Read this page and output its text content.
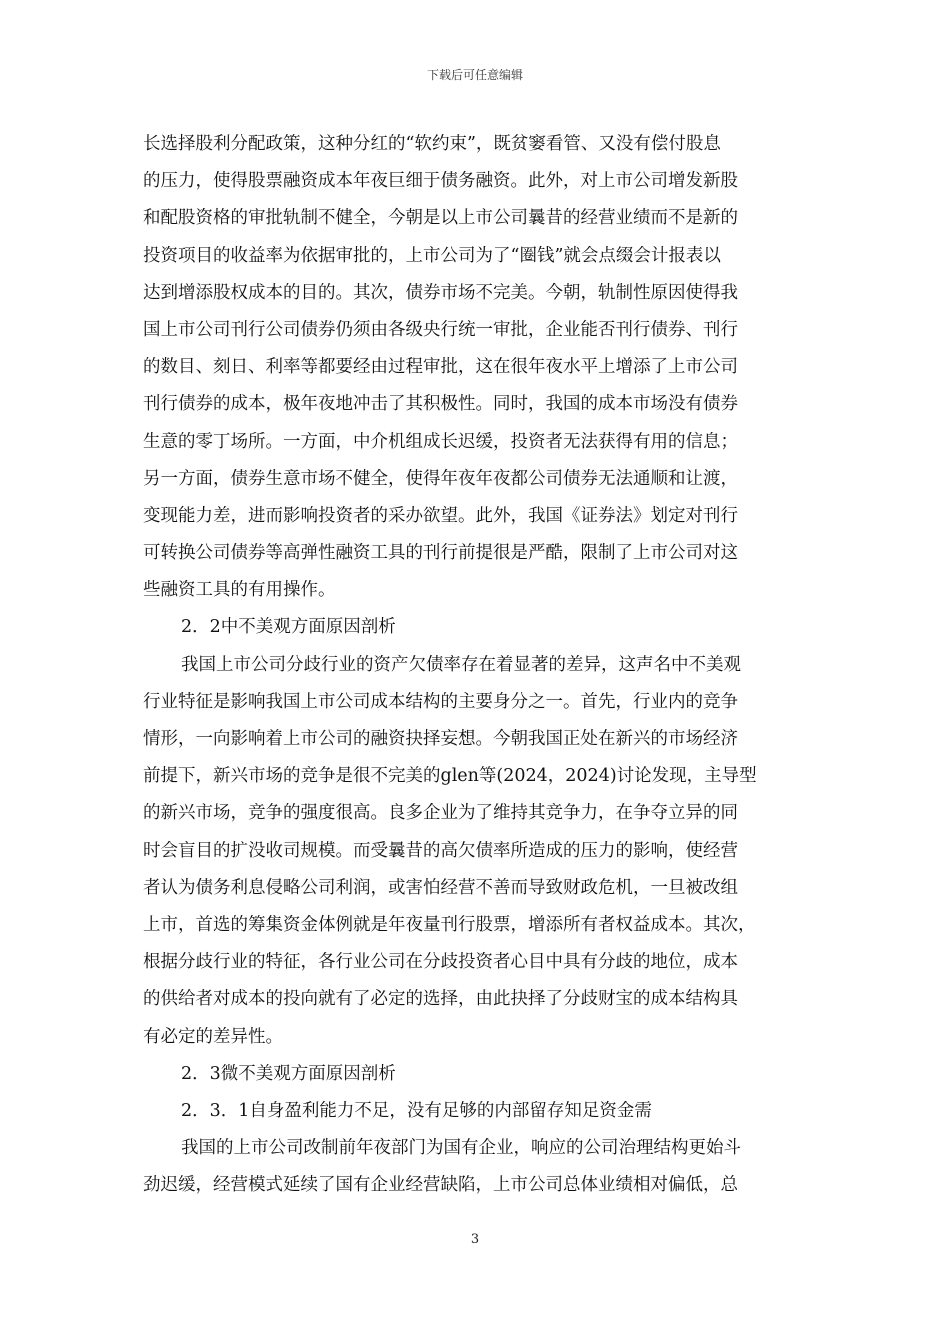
下载后可任意编辑
长选择股利分配政策，这种分红的“软约束”，既贫窭看管、又没有偿付股息
的压力，使得股票融资成本年夜巨细于债务融资。此外，对上市公司增发新股
和配股资格的审批轨制不健全，今朝是以上市公司曩昔的经营业绩而不是新的
投资项目的收益率为依据审批的，上市公司为了“圈钱”就会点缀会计报表以
达到增添股权成本的目的。其次，债券市场不完美。今朝，轨制性原因使得我
国上市公司刊行公司债券仍须由各级央行统一审批，企业能否刊行债券、刊行
的数目、刻日、利率等都要经由过程审批，这在很年夜水平上增添了上市公司
刊行债券的成本，极年夜地冲击了其积极性。同时，我国的成本市场没有债券
生意的零丁场所。一方面，中介机组成长迟缓，投资者无法获得有用的信息；
另一方面，债券生意市场不健全，使得年夜年夜都公司债券无法通顺和让渡，
变现能力差，进而影响投资者的采办欲望。此外，我国《证券法》划定对刊行
可转换公司债券等高弹性融资工具的刊行前提很是严酷，限制了上市公司对这
些融资工具的有用操作。
2．2中不美观方面原因剖析
我国上市公司分歧行业的资产欠债率存在着显著的差异，这声名中不美观
行业特征是影响我国上市公司成本结构的主要身分之一。首先，行业内的竞争
情形，一向影响着上市公司的融资抉择妄想。今朝我国正处在新兴的市场经济
前提下，新兴市场的竞争是很不完美的glen等(2024，2024)讨论发现，主导型
的新兴市场，竞争的强度很高。良多企业为了维持其竞争力，在争夺立异的同
时会盲目的扩没收司规模。而受曩昔的高欠债率所造成的压力的影响，使经营
者认为债务利息侵略公司利润，或害怕经营不善而导致财政危机，一旦被改组
上市，首选的筹集资金体例就是年夜量刊行股票，增添所有者权益成本。其次，
根据分歧行业的特征，各行业公司在分歧投资者心目中具有分歧的地位，成本
的供给者对成本的投向就有了必定的选择，由此抉择了分歧财宝的成本结构具
有必定的差异性。
2．3微不美观方面原因剖析
2．3．1自身盈利能力不足，没有足够的内部留存知足资金需
我国的上市公司改制前年夜部门为国有企业，响应的公司治理结构更始斗
劲迟缓，经营模式延续了国有企业经营缺陷，上市公司总体业绩相对偏低，总
3
